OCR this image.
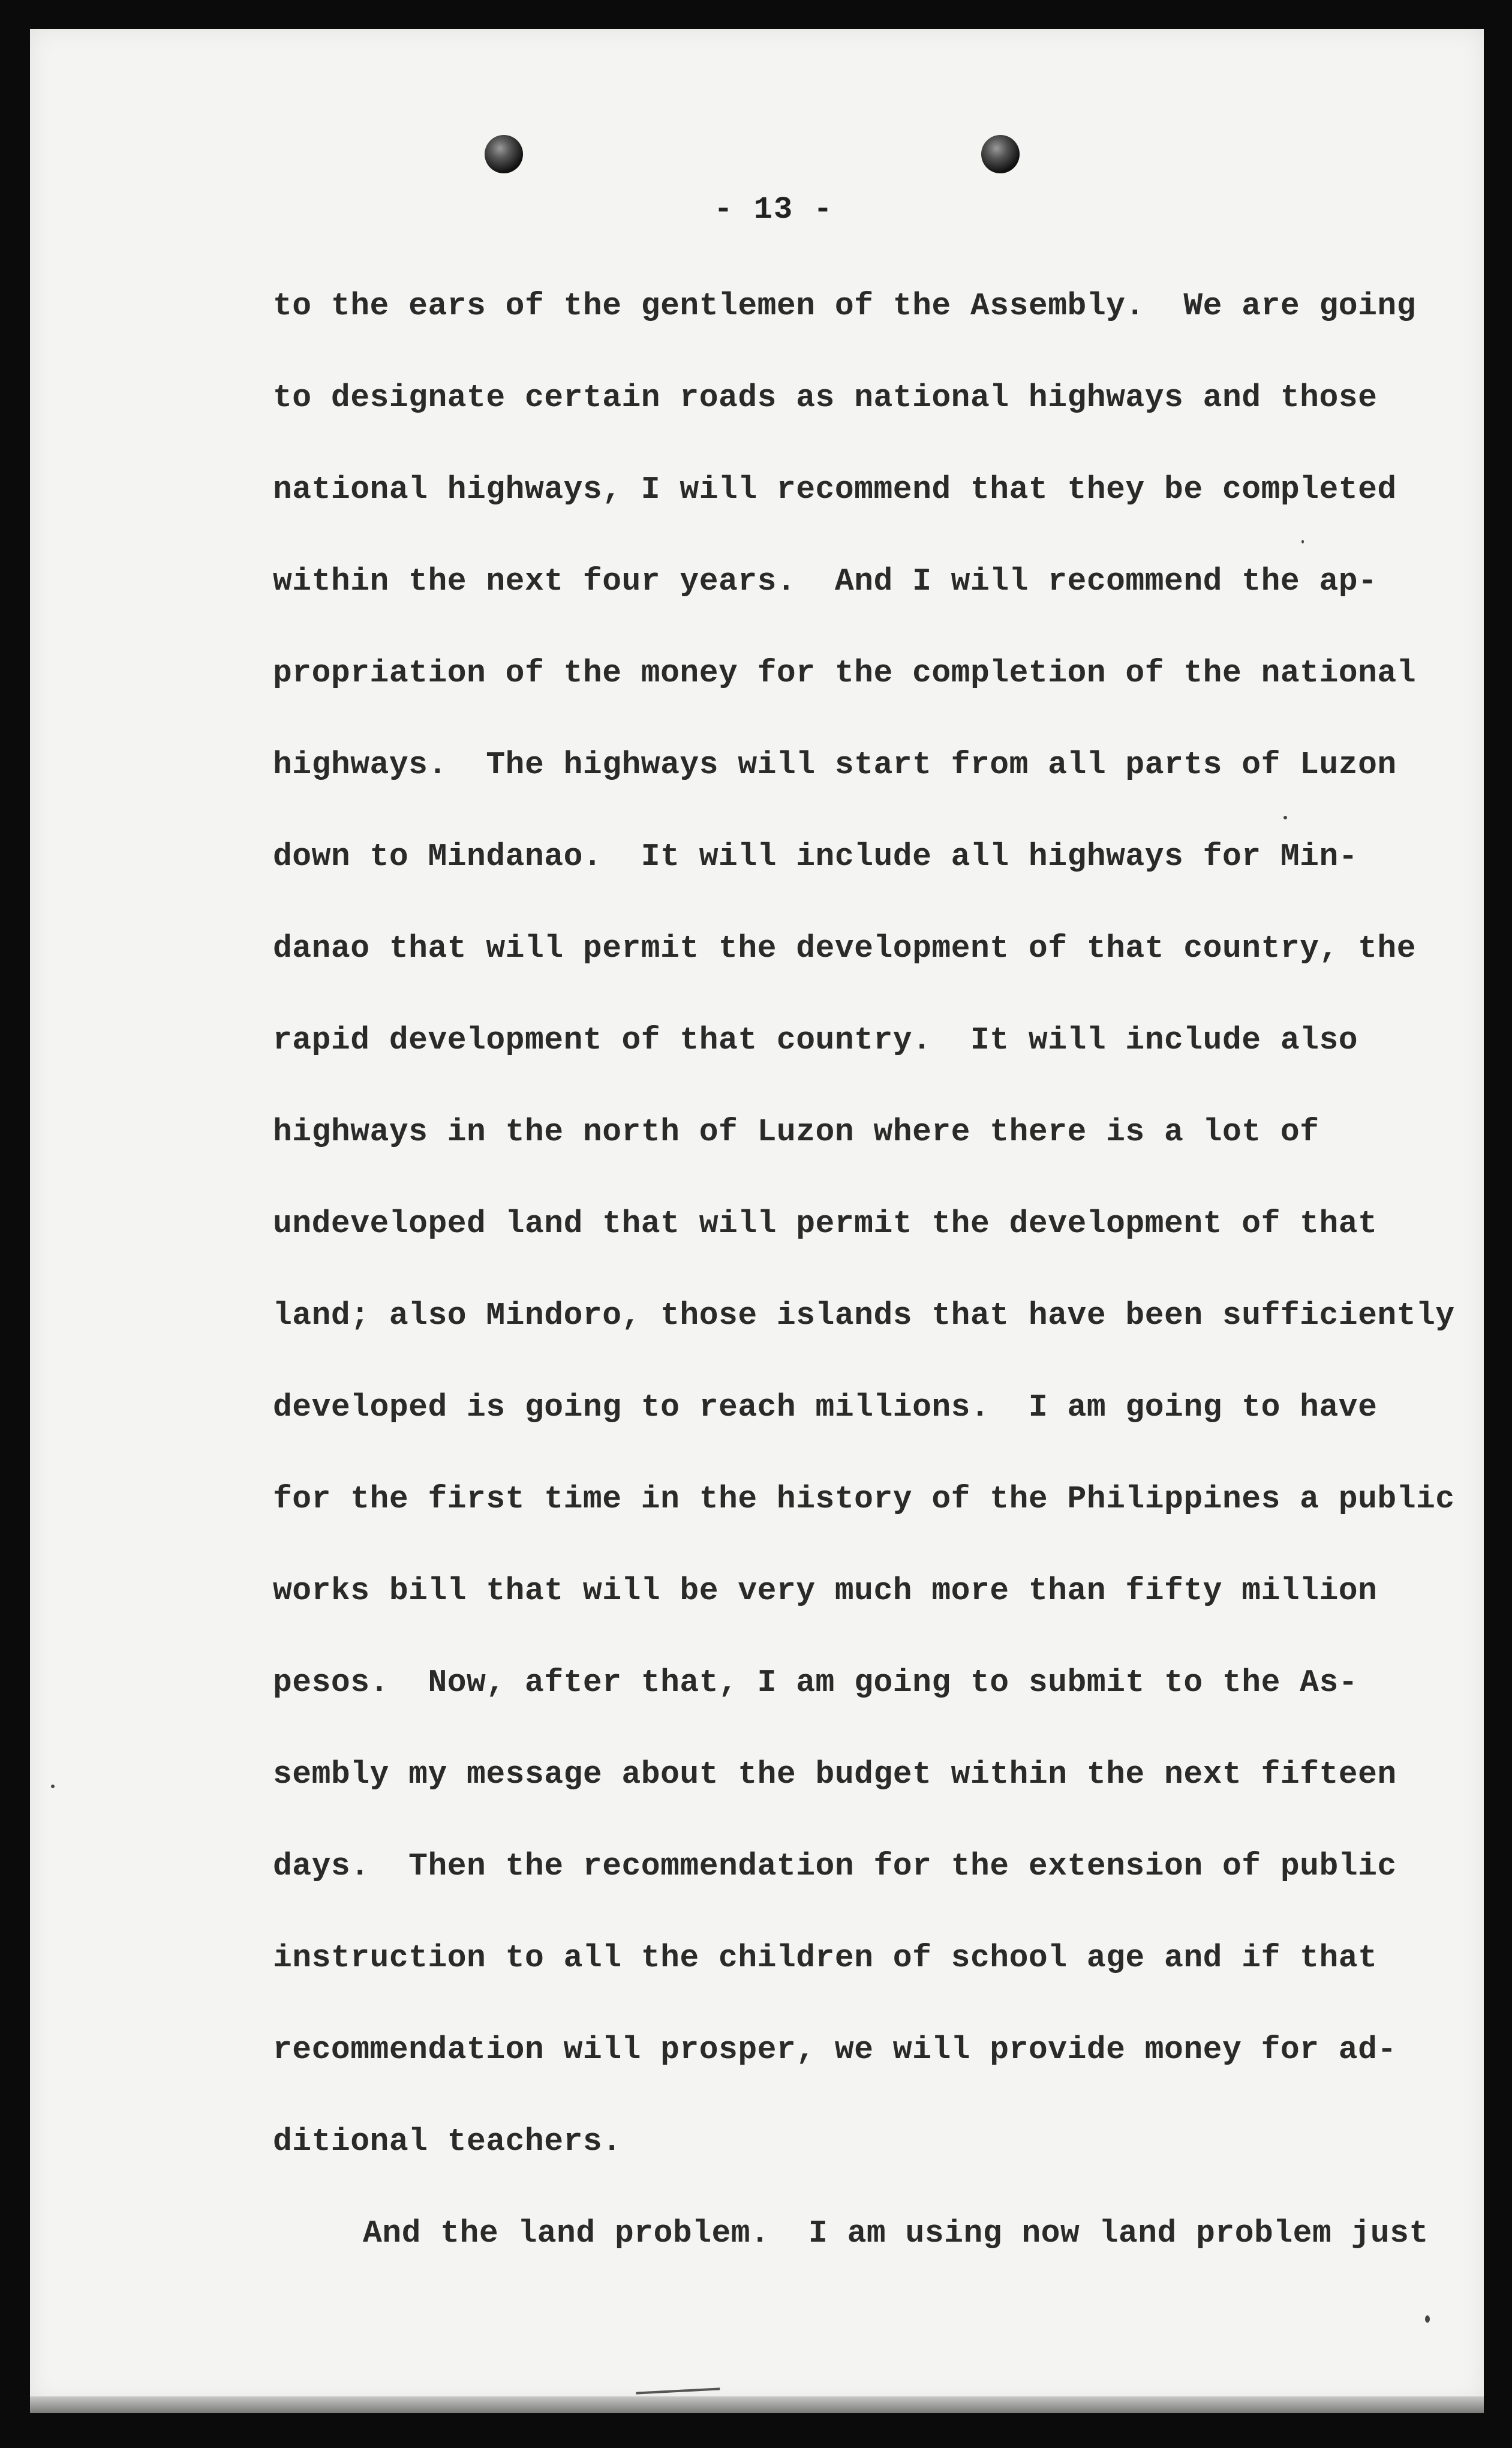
- 13 -
to the ears of the gentlemen of the Assembly.  We are going
to designate certain roads as national highways and those
national highways, I will recommend that they be completed
within the next four years.  And I will recommend the ap-
propriation of the money for the completion of the national
highways.  The highways will start from all parts of Luzon
down to Mindanao.  It will include all highways for Min-
danao that will permit the development of that country, the
rapid development of that country.  It will include also
highways in the north of Luzon where there is a lot of
undeveloped land that will permit the development of that
land; also Mindoro, those islands that have been sufficiently
developed is going to reach millions.  I am going to have
for the first time in the history of the Philippines a public
works bill that will be very much more than fifty million
pesos.  Now, after that, I am going to submit to the As-
sembly my message about the budget within the next fifteen
days.  Then the recommendation for the extension of public
instruction to all the children of school age and if that
recommendation will prosper, we will provide money for ad-
ditional teachers.
And the land problem.  I am using now land problem just
